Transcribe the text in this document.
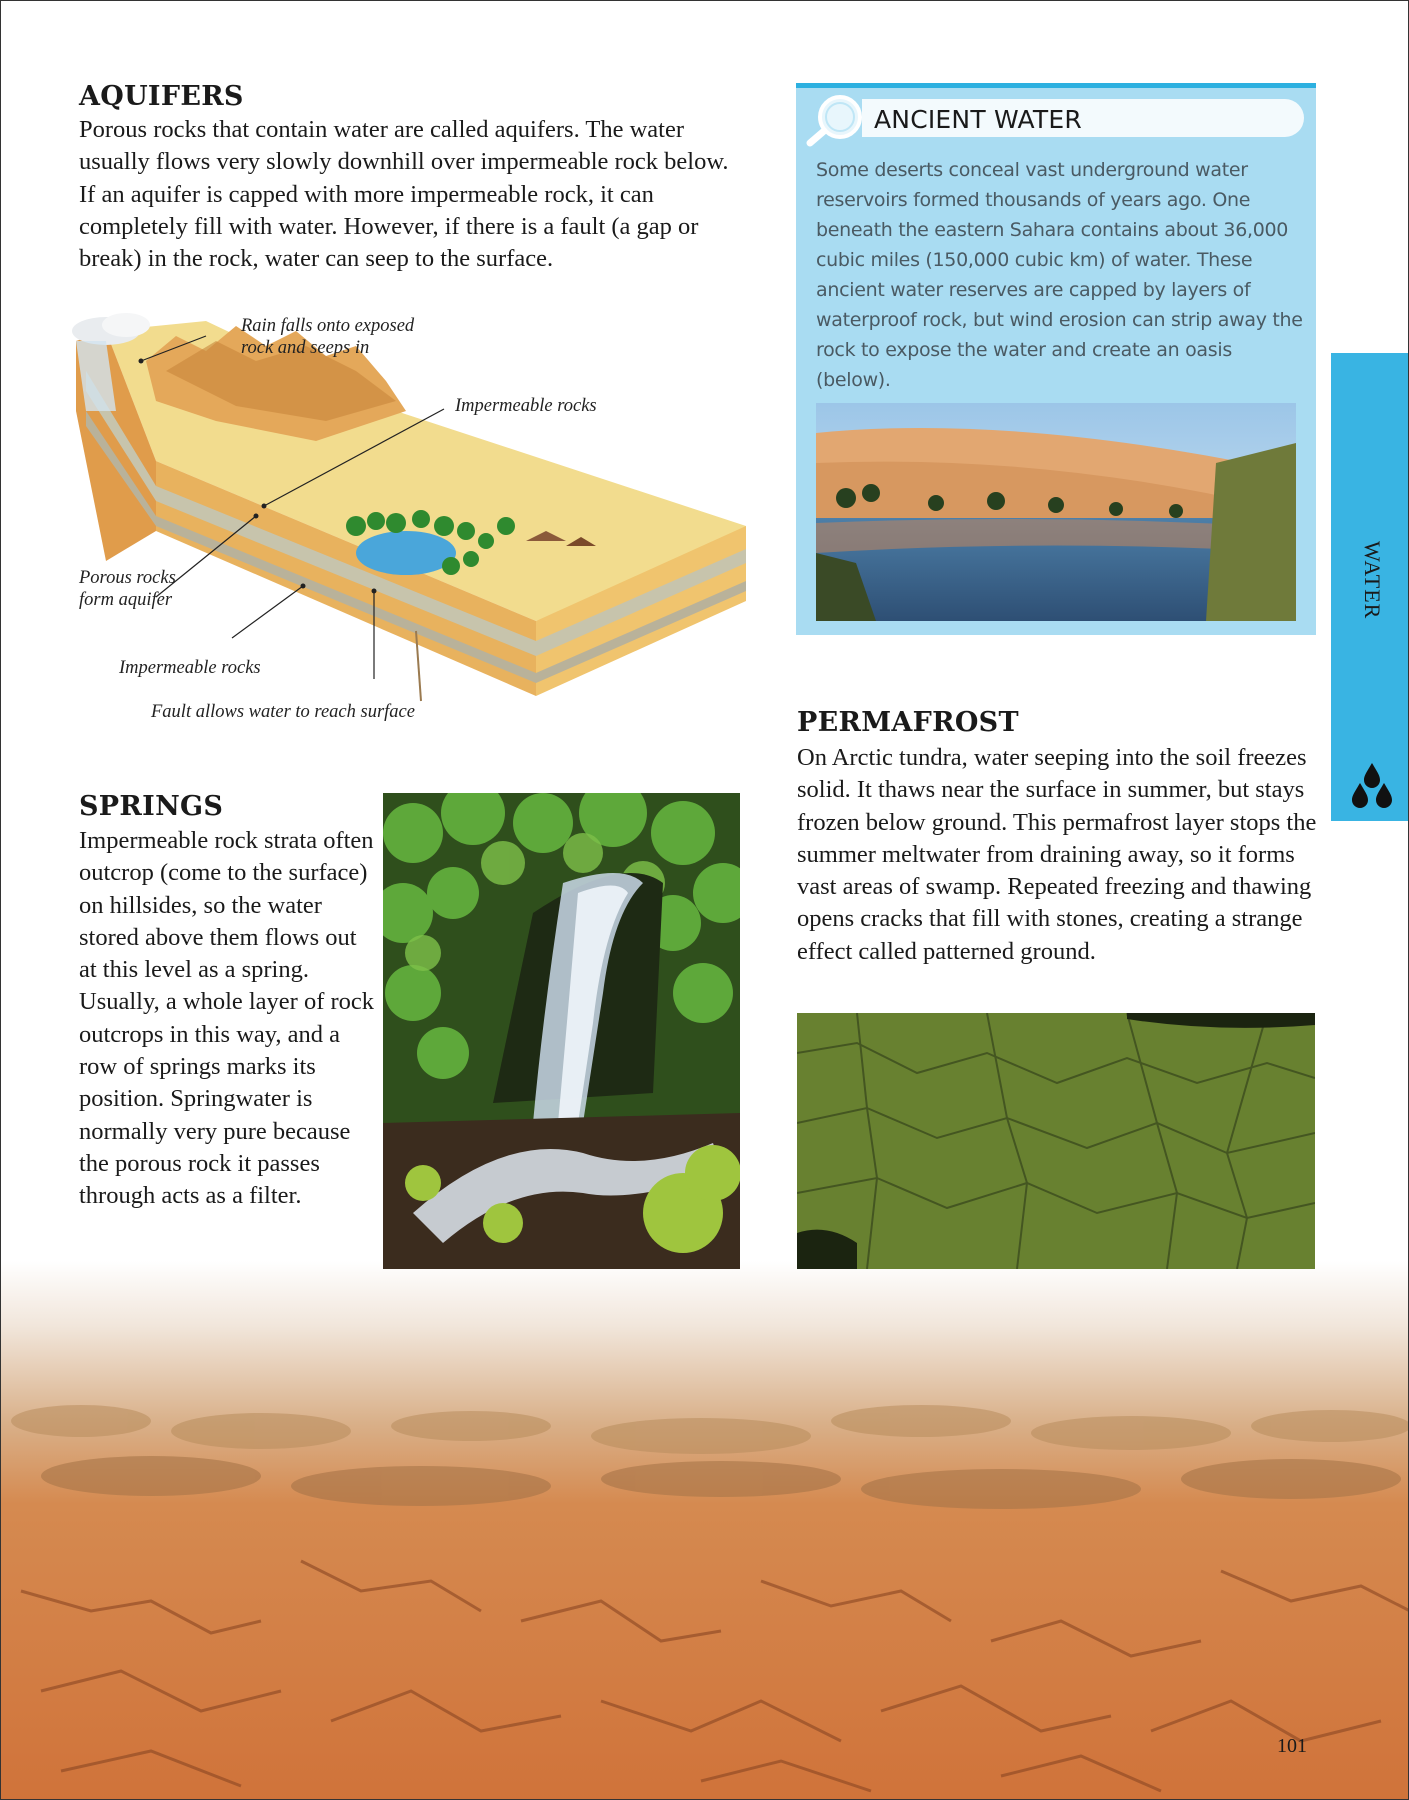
AQUIFERS

Porous rocks that contain water are called aquifers. The water usually flows very slowly downhill over impermeable rock below. If an aquifer is capped with more impermeable rock, it can completely fill with water. However, if there is a fault (a gap or break) in the rock, water can seep to the surface.

Rain falls onto exposed rock and seeps in
Impermeable rocks
Porous rocks form aquifer
Impermeable rocks
Fault allows water to reach surface
ANCIENT WATER

Some deserts conceal vast underground water reservoirs formed thousands of years ago. One beneath the eastern Sahara contains about 36,000 cubic miles (150,000 cubic km) of water. These ancient water reserves are capped by layers of waterproof rock, but wind erosion can strip away the rock to expose the water and create an oasis (below).

WATER
PERMAFROST

On Arctic tundra, water seeping into the soil freezes solid. It thaws near the surface in summer, but stays frozen below ground. This permafrost layer stops the summer meltwater from draining away, so it forms vast areas of swamp. Repeated freezing and thawing opens cracks that fill with stones, creating a strange effect called patterned ground.

SPRINGS

Impermeable rock strata often outcrop (come to the surface) on hillsides, so the water stored above them flows out at this level as a spring. Usually, a whole layer of rock outcrops in this way, and a row of springs marks its position. Springwater is normally very pure because the porous rock it passes through acts as a filter.

101
